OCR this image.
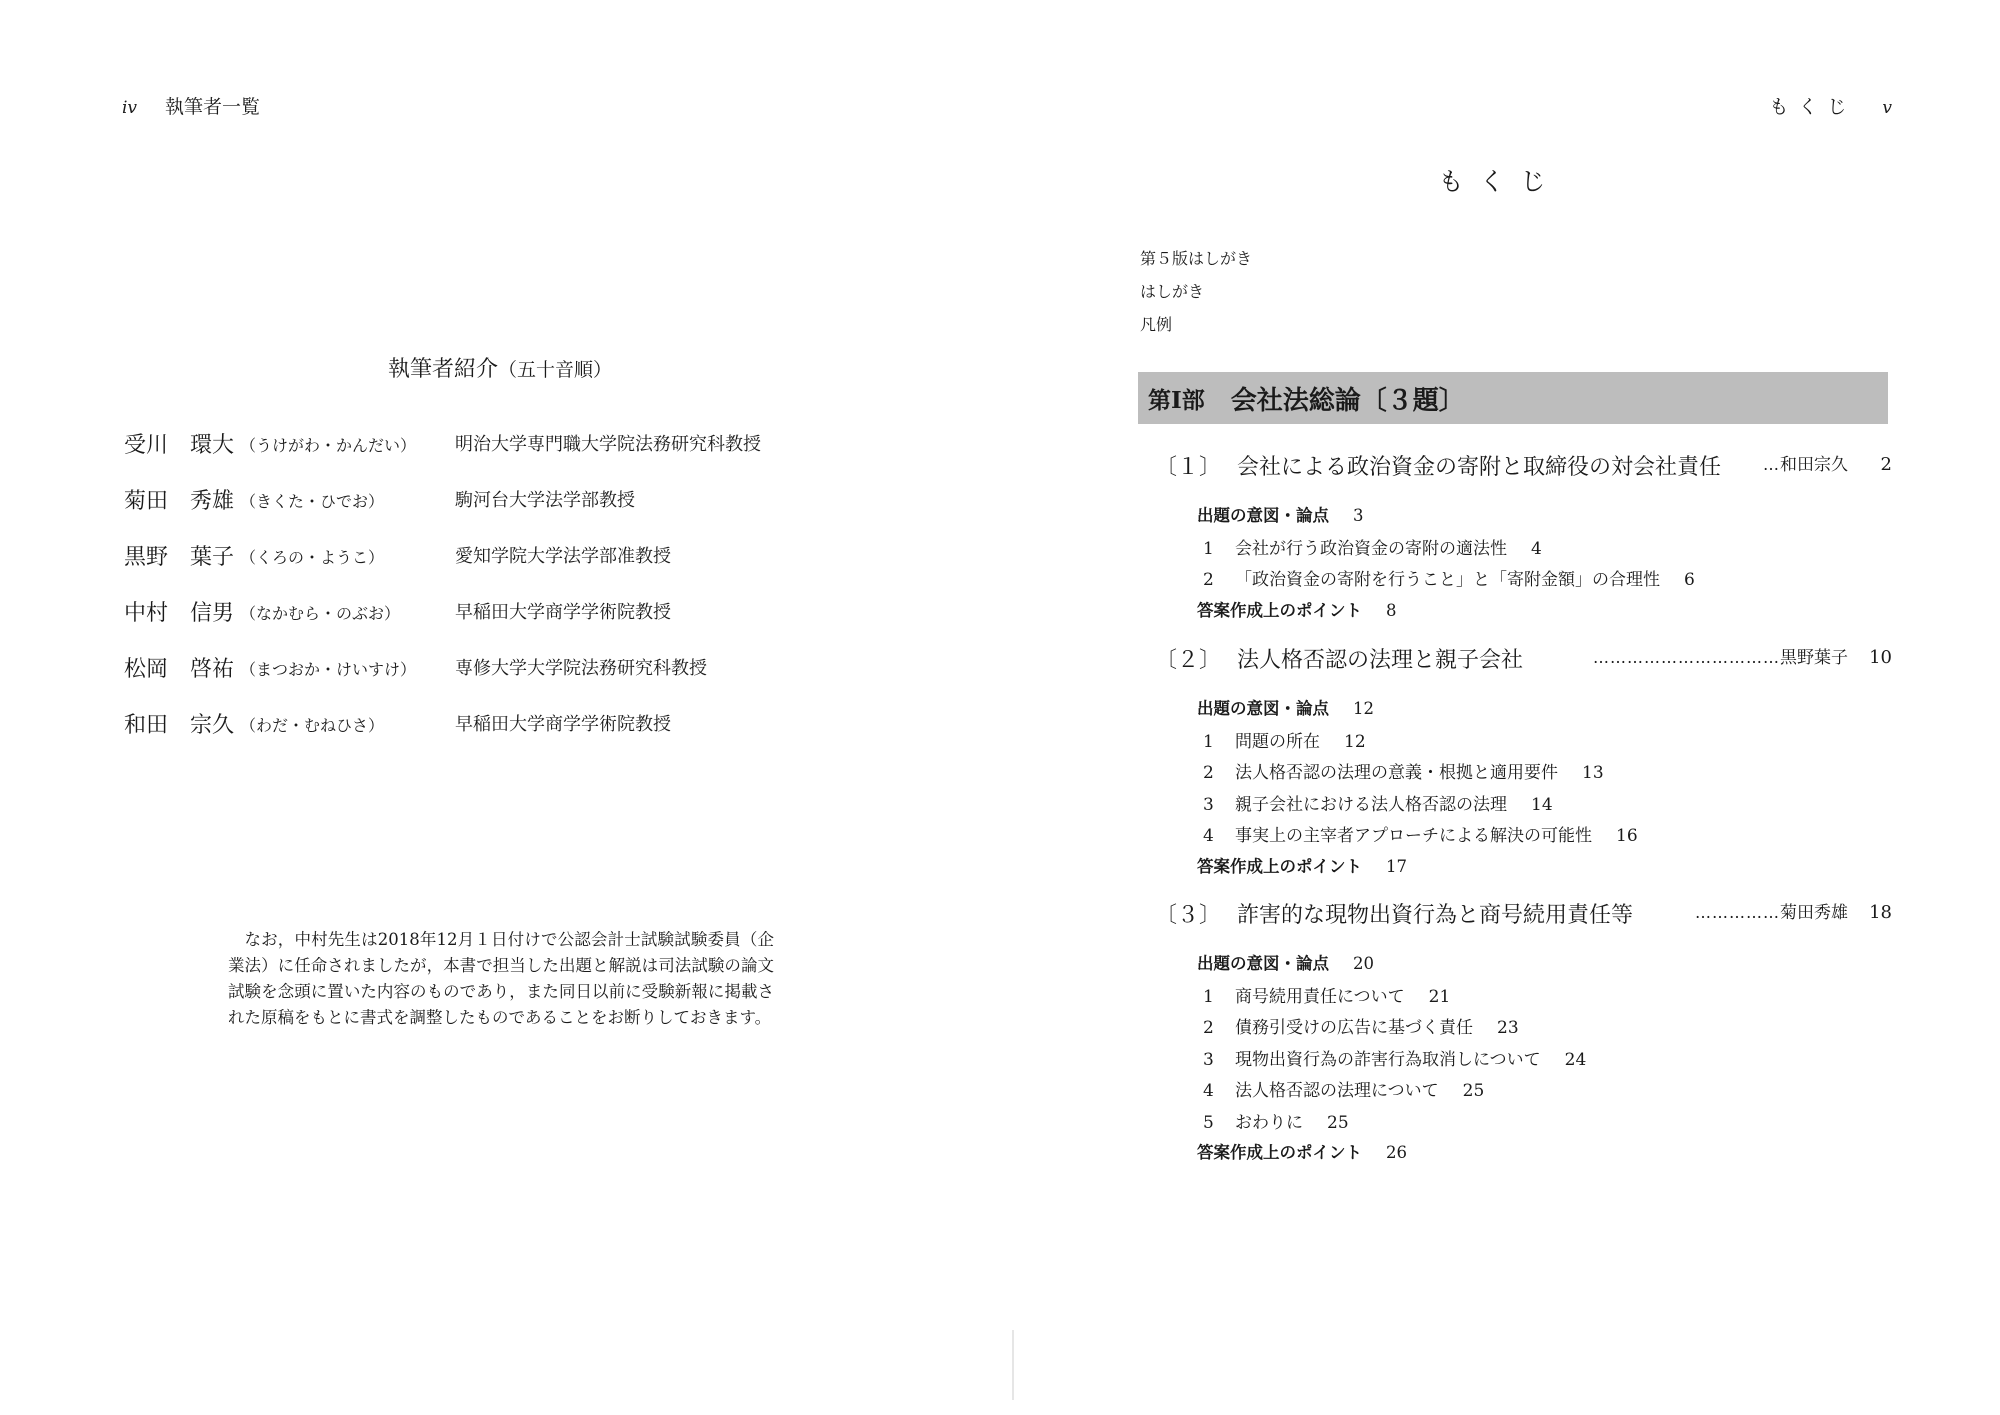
iv 執筆者一覧
執筆者紹介（五十音順）
受川　環大 （うけがわ・かんだい） 明治大学専門職大学院法務研究科教授
菊田　秀雄 （きくた・ひでお）	駒河台大学法学部教授
黒野　葉子 （くろの・ようこ）	愛知学院大学法学部准教授
中村　信男 （なかむら・のぶお）	早稲田大学商学学術院教授
松岡　啓祐 （まつおか・けいすけ） 専修大学大学院法務研究科教授
和田　宗久 （わだ・むねひさ）	早稲田大学商学学術院教授

なお，中村先生は2018年12月１日付けで公認会計士試験試験委員（企業法）に任命されましたが，本書で担当した出題と解説は司法試験の論文試験を念頭に置いた内容のものであり，また同日以前に受験新報に掲載された原稿をもとに書式を調整したものであることをお断りしておきます。

もくじ v
もくじ
第５版はしがき
はしがき
凡例
第Ⅰ部 会社法総論〔３題〕
〔１〕 会社による政治資金の寄附と取締役の対会社責任	…和田宗久 2
出題の意図・論点 3
1 会社が行う政治資金の寄附の適法性 4
2 「政治資金の寄附を行うこと」と「寄附金額」の合理性 6
答案作成上のポイント 8
〔２〕 法人格否認の法理と親子会社	……………………………黒野葉子 10
出題の意図・論点 12
1 問題の所在 12
2 法人格否認の法理の意義・根拠と適用要件 13
3 親子会社における法人格否認の法理 14
4 事実上の主宰者アプローチによる解決の可能性 16
答案作成上のポイント 17
〔３〕 詐害的な現物出資行為と商号続用責任等	……………菊田秀雄 18
出題の意図・論点 20
1 商号続用責任について 21
2 債務引受けの広告に基づく責任 23
3 現物出資行為の詐害行為取消しについて 24
4 法人格否認の法理について 25
5 おわりに 25
答案作成上のポイント 26
